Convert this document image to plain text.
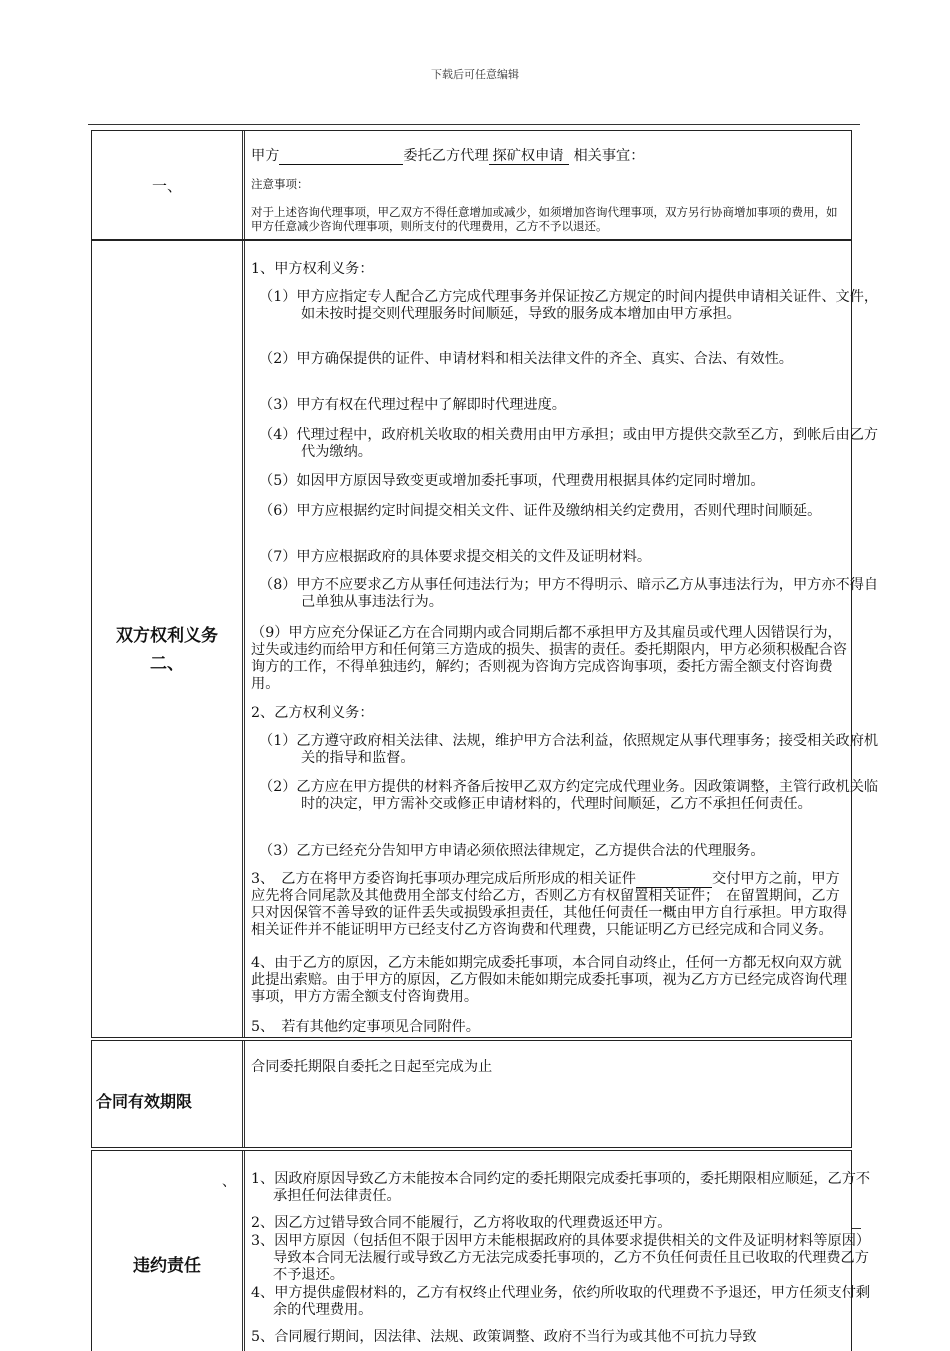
下载后可任意编辑
一、
甲方	委托乙方代理 探矿权申请 相关事宜：
注意事项：
对于上述咨询代理事项，甲乙双方不得任意增加或减少，如须增加咨询代理事项，双方另行协商增加事项的费用，如甲方任意减少咨询代理事项，则所支付的代理费用，乙方不予以退还。
双方权利义务
二、
1、甲方权利义务：
（1）甲方应指定专人配合乙方完成代理事务并保证按乙方规定的时间内提供申请相关证件、文件，如未按时提交则代理服务时间顺延，导致的服务成本增加由甲方承担。
（2）甲方确保提供的证件、申请材料和相关法律文件的齐全、真实、合法、有效性。
（3）甲方有权在代理过程中了解即时代理进度。
（4）代理过程中，政府机关收取的相关费用由甲方承担；或由甲方提供交款至乙方，到帐后由乙方代为缴纳。
（5）如因甲方原因导致变更或增加委托事项，代理费用根据具体约定同时增加。
（6）甲方应根据约定时间提交相关文件、证件及缴纳相关约定费用，否则代理时间顺延。
（7）甲方应根据政府的具体要求提交相关的文件及证明材料。
（8）甲方不应要求乙方从事任何违法行为；甲方不得明示、暗示乙方从事违法行为，甲方亦不得自己单独从事违法行为。
（9）甲方应充分保证乙方在合同期内或合同期后都不承担甲方及其雇员或代理人因错误行为，过失或违约而给甲方和任何第三方造成的损失、损害的责任。委托期限内，甲方必须积极配合咨询方的工作，不得单独违约，解约；否则视为咨询方完成咨询事项，委托方需全额支付咨询费用。
2、乙方权利义务：
（1）乙方遵守政府相关法律、法规，维护甲方合法利益，依照规定从事代理事务；接受相关政府机关的指导和监督。
（2）乙方应在甲方提供的材料齐备后按甲乙双方约定完成代理业务。因政策调整，主管行政机关临时的决定，甲方需补交或修正申请材料的，代理时间顺延，乙方不承担任何责任。
（3）乙方已经充分告知甲方申请必须依照法律规定，乙方提供合法的代理服务。
3、　乙方在将甲方委咨询托事项办理完成后所形成的相关证件	交付甲方之前，甲方应先将合同尾款及其他费用全部支付给乙方，否则乙方有权留置相关证件；　在留置期间，乙方只对因保管不善导致的证件丢失或损毁承担责任，其他任何责任一概由甲方自行承担。甲方取得相关证件并不能证明甲方已经支付乙方咨询费和代理费，只能证明乙方已经完成和合同义务。
4、由于乙方的原因，乙方未能如期完成委托事项，本合同自动终止，任何一方都无权向双方就此提出索赔。由于甲方的原因，乙方假如未能如期完成委托事项，视为乙方方已经完成咨询代理事项，甲方方需全额支付咨询费用。
5、　若有其他约定事项见合同附件。
合同有效期限
合同委托期限自委托之日起至完成为止
、
违约责任
1、因政府原因导致乙方未能按本合同约定的委托期限完成委托事项的，委托期限相应顺延，乙方不承担任何法律责任。
2、因乙方过错导致合同不能履行，乙方将收取的代理费返还甲方。
3、因甲方原因（包括但不限于因甲方未能根据政府的具体要求提供相关的文件及证明材料等原因）导致本合同无法履行或导致乙方无法完成委托事项的，乙方不负任何责任且已收取的代理费乙方不予退还。
4、甲方提供虚假材料的，乙方有权终止代理业务，依约所收取的代理费不予退还，甲方任须支付剩余的代理费用。
5、合同履行期间，因法律、法规、政策调整、政府不当行为或其他不可抗力导致
